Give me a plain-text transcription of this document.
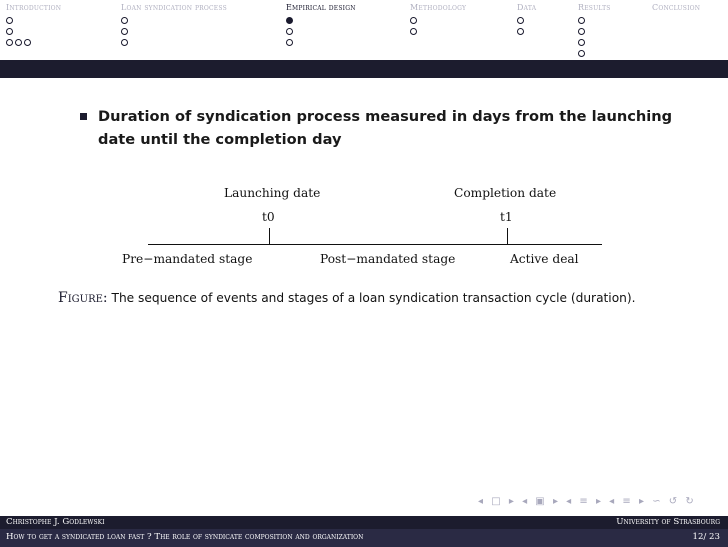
Introduction	Loan syndication process	Empirical design	Methodology	Data	Results	Conclusion
Duration of syndication process measured in days from the launching date until the completion day
Launching date	Completion date
t0	t1
Pre−mandated stage	Post−mandated stage	Active deal
Figure: The sequence of events and stages of a loan syndication transaction cycle (duration).
◂ □ ▸ ◂ ▣ ▸ ◂ ≡ ▸ ◂ ≡ ▸ ∽ ↺ ↻
Christophe J. Godlewski	University of Strasbourg
How to get a syndicated loan fast ? The role of syndicate composition and organization	12/ 23
